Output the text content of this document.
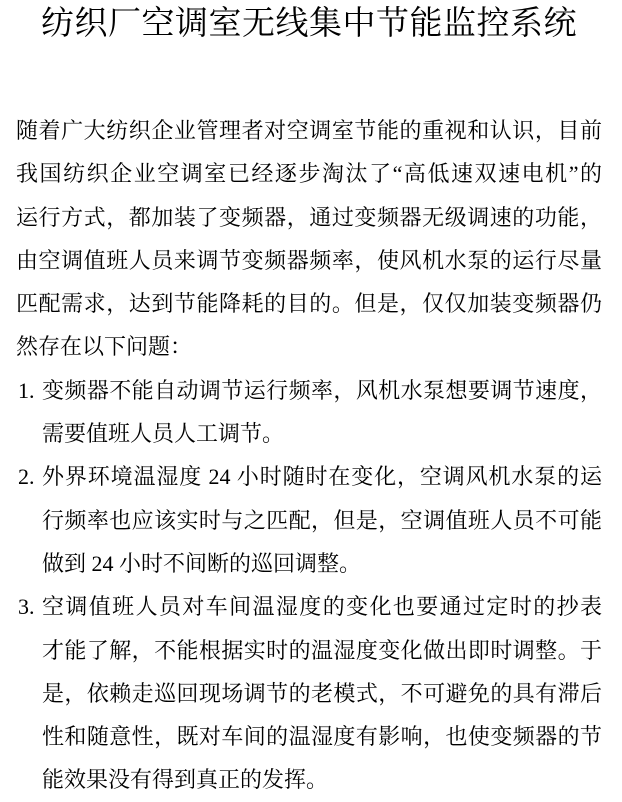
纺织厂空调室无线集中节能监控系统
随着广大纺织企业管理者对空调室节能的重视和认识，目前
我国纺织企业空调室已经逐步淘汰了“高低速双速电机”的
运行方式，都加装了变频器，通过变频器无级调速的功能，
由空调值班人员来调节变频器频率，使风机水泵的运行尽量
匹配需求，达到节能降耗的目的。但是，仅仅加装变频器仍
然存在以下问题：
1. 变频器不能自动调节运行频率，风机水泵想要调节速度，
需要值班人员人工调节。
2. 外界环境温湿度 24 小时随时在变化，空调风机水泵的运
行频率也应该实时与之匹配，但是，空调值班人员不可能
做到 24 小时不间断的巡回调整。
3. 空调值班人员对车间温湿度的变化也要通过定时的抄表
才能了解，不能根据实时的温湿度变化做出即时调整。于
是，依赖走巡回现场调节的老模式，不可避免的具有滞后
性和随意性，既对车间的温湿度有影响，也使变频器的节
能效果没有得到真正的发挥。
